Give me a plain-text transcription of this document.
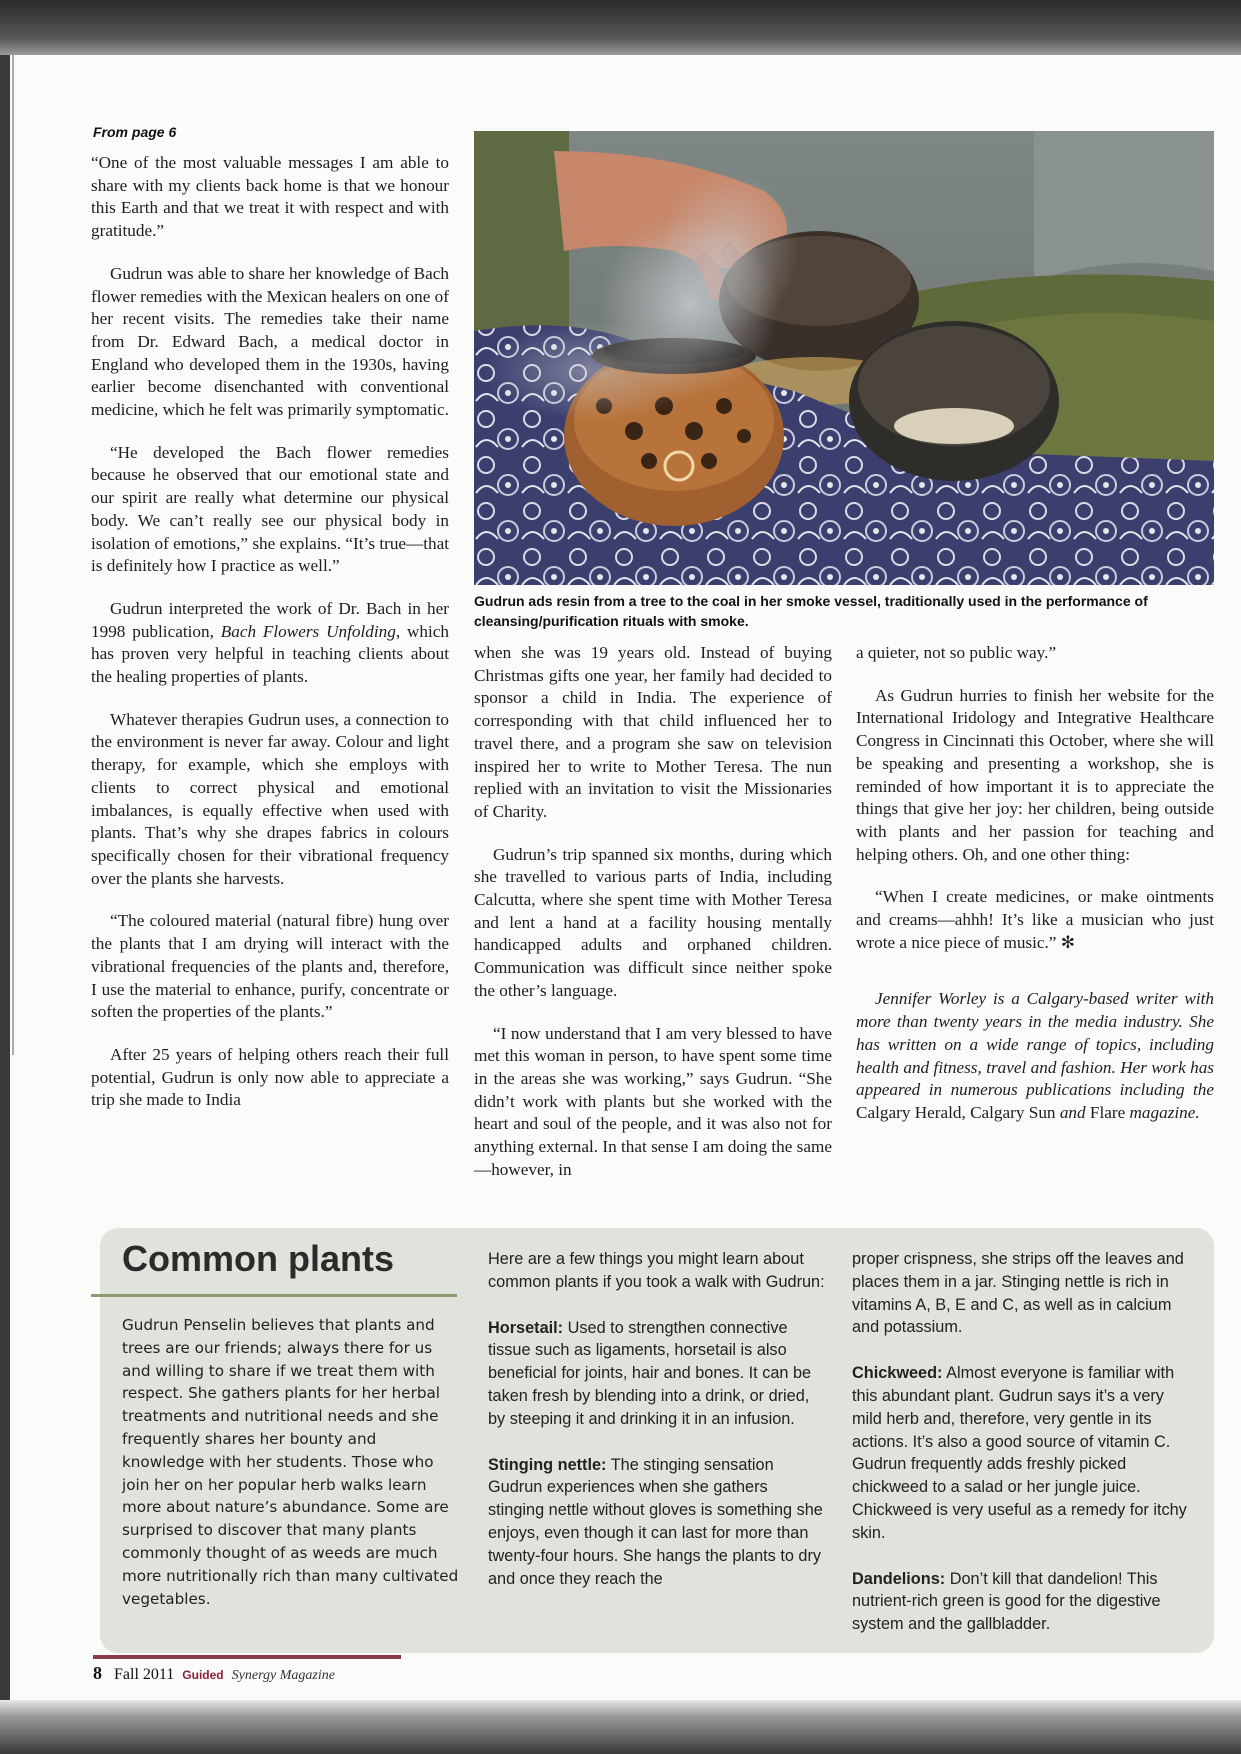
From page 6

“One of the most valuable messages I am able to share with my clients back home is that we honour this Earth and that we treat it with respect and with gratitude.”

Gudrun was able to share her knowledge of Bach flower remedies with the Mexican healers on one of her recent visits. The remedies take their name from Dr. Edward Bach, a medical doctor in England who developed them in the 1930s, having earlier become disenchanted with conventional medicine, which he felt was primarily symptomatic.

“He developed the Bach flower remedies because he observed that our emotional state and our spirit are really what determine our physical body. We can’t really see our physical body in isolation of emotions,” she explains. “It’s true—that is definitely how I practice as well.”

Gudrun interpreted the work of Dr. Bach in her 1998 publication, Bach Flowers Unfolding, which has proven very helpful in teaching clients about the healing properties of plants.

Whatever therapies Gudrun uses, a connection to the environment is never far away. Colour and light therapy, for example, which she employs with clients to correct physical and emotional imbalances, is equally effective when used with plants. That’s why she drapes fabrics in colours specifically chosen for their vibrational frequency over the plants she harvests.

“The coloured material (natural fibre) hung over the plants that I am drying will interact with the vibrational frequencies of the plants and, therefore, I use the material to enhance, purify, concentrate or soften the properties of the plants.”

After 25 years of helping others reach their full potential, Gudrun is only now able to appreciate a trip she made to India

Gudrun ads resin from a tree to the coal in her smoke vessel, traditionally used in the performance of cleansing/purification rituals with smoke.

when she was 19 years old. Instead of buying Christmas gifts one year, her family had decided to sponsor a child in India. The experience of corresponding with that child influenced her to travel there, and a program she saw on television inspired her to write to Mother Teresa. The nun replied with an invitation to visit the Missionaries of Charity.

Gudrun’s trip spanned six months, during which she travelled to various parts of India, including Calcutta, where she spent time with Mother Teresa and lent a hand at a facility housing mentally handicapped adults and orphaned children. Communication was difficult since neither spoke the other’s language.

“I now understand that I am very blessed to have met this woman in person, to have spent some time in the areas she was working,” says Gudrun. “She didn’t work with plants but she worked with the heart and soul of the people, and it was also not for anything external. In that sense I am doing the same—however, in

a quieter, not so public way.”

As Gudrun hurries to finish her website for the International Iridology and Integrative Healthcare Congress in Cincinnati this October, where she will be speaking and presenting a workshop, she is reminded of how important it is to appreciate the things that give her joy: her children, being outside with plants and her passion for teaching and helping others. Oh, and one other thing:

“When I create medicines, or make ointments and creams—ahhh! It’s like a musician who just wrote a nice piece of music.” ✻

Jennifer Worley is a Calgary-based writer with more than twenty years in the media industry. She has written on a wide range of topics, including health and fitness, travel and fashion. Her work has appeared in numerous publications including the Calgary Herald, Calgary Sun and Flare magazine.

Common plants
Gudrun Penselin believes that plants and trees are our friends; always there for us and willing to share if we treat them with respect. She gathers plants for her herbal treatments and nutritional needs and she frequently shares her bounty and knowledge with her students. Those who join her on her popular herb walks learn more about nature’s abundance. Some are surprised to discover that many plants commonly thought of as weeds are much more nutritionally rich than many cultivated vegetables.

Here are a few things you might learn about common plants if you took a walk with Gudrun:

Horsetail: Used to strengthen connective tissue such as ligaments, horsetail is also beneficial for joints, hair and bones. It can be taken fresh by blending into a drink, or dried, by steeping it and drinking it in an infusion.

Stinging nettle: The stinging sensation Gudrun experiences when she gathers stinging nettle without gloves is something she enjoys, even though it can last for more than twenty-four hours. She hangs the plants to dry and once they reach the

proper crispness, she strips off the leaves and places them in a jar. Stinging nettle is rich in vitamins A, B, E and C, as well as in calcium and potassium.

Chickweed: Almost everyone is familiar with this abundant plant. Gudrun says it’s a very mild herb and, therefore, very gentle in its actions. It’s also a good source of vitamin C. Gudrun frequently adds freshly picked chickweed to a salad or her jungle juice. Chickweed is very useful as a remedy for itchy skin.

Dandelions: Don’t kill that dandelion! This nutrient-rich green is good for the digestive system and the gallbladder.

8 Fall 2011 Guided Synergy Magazine
